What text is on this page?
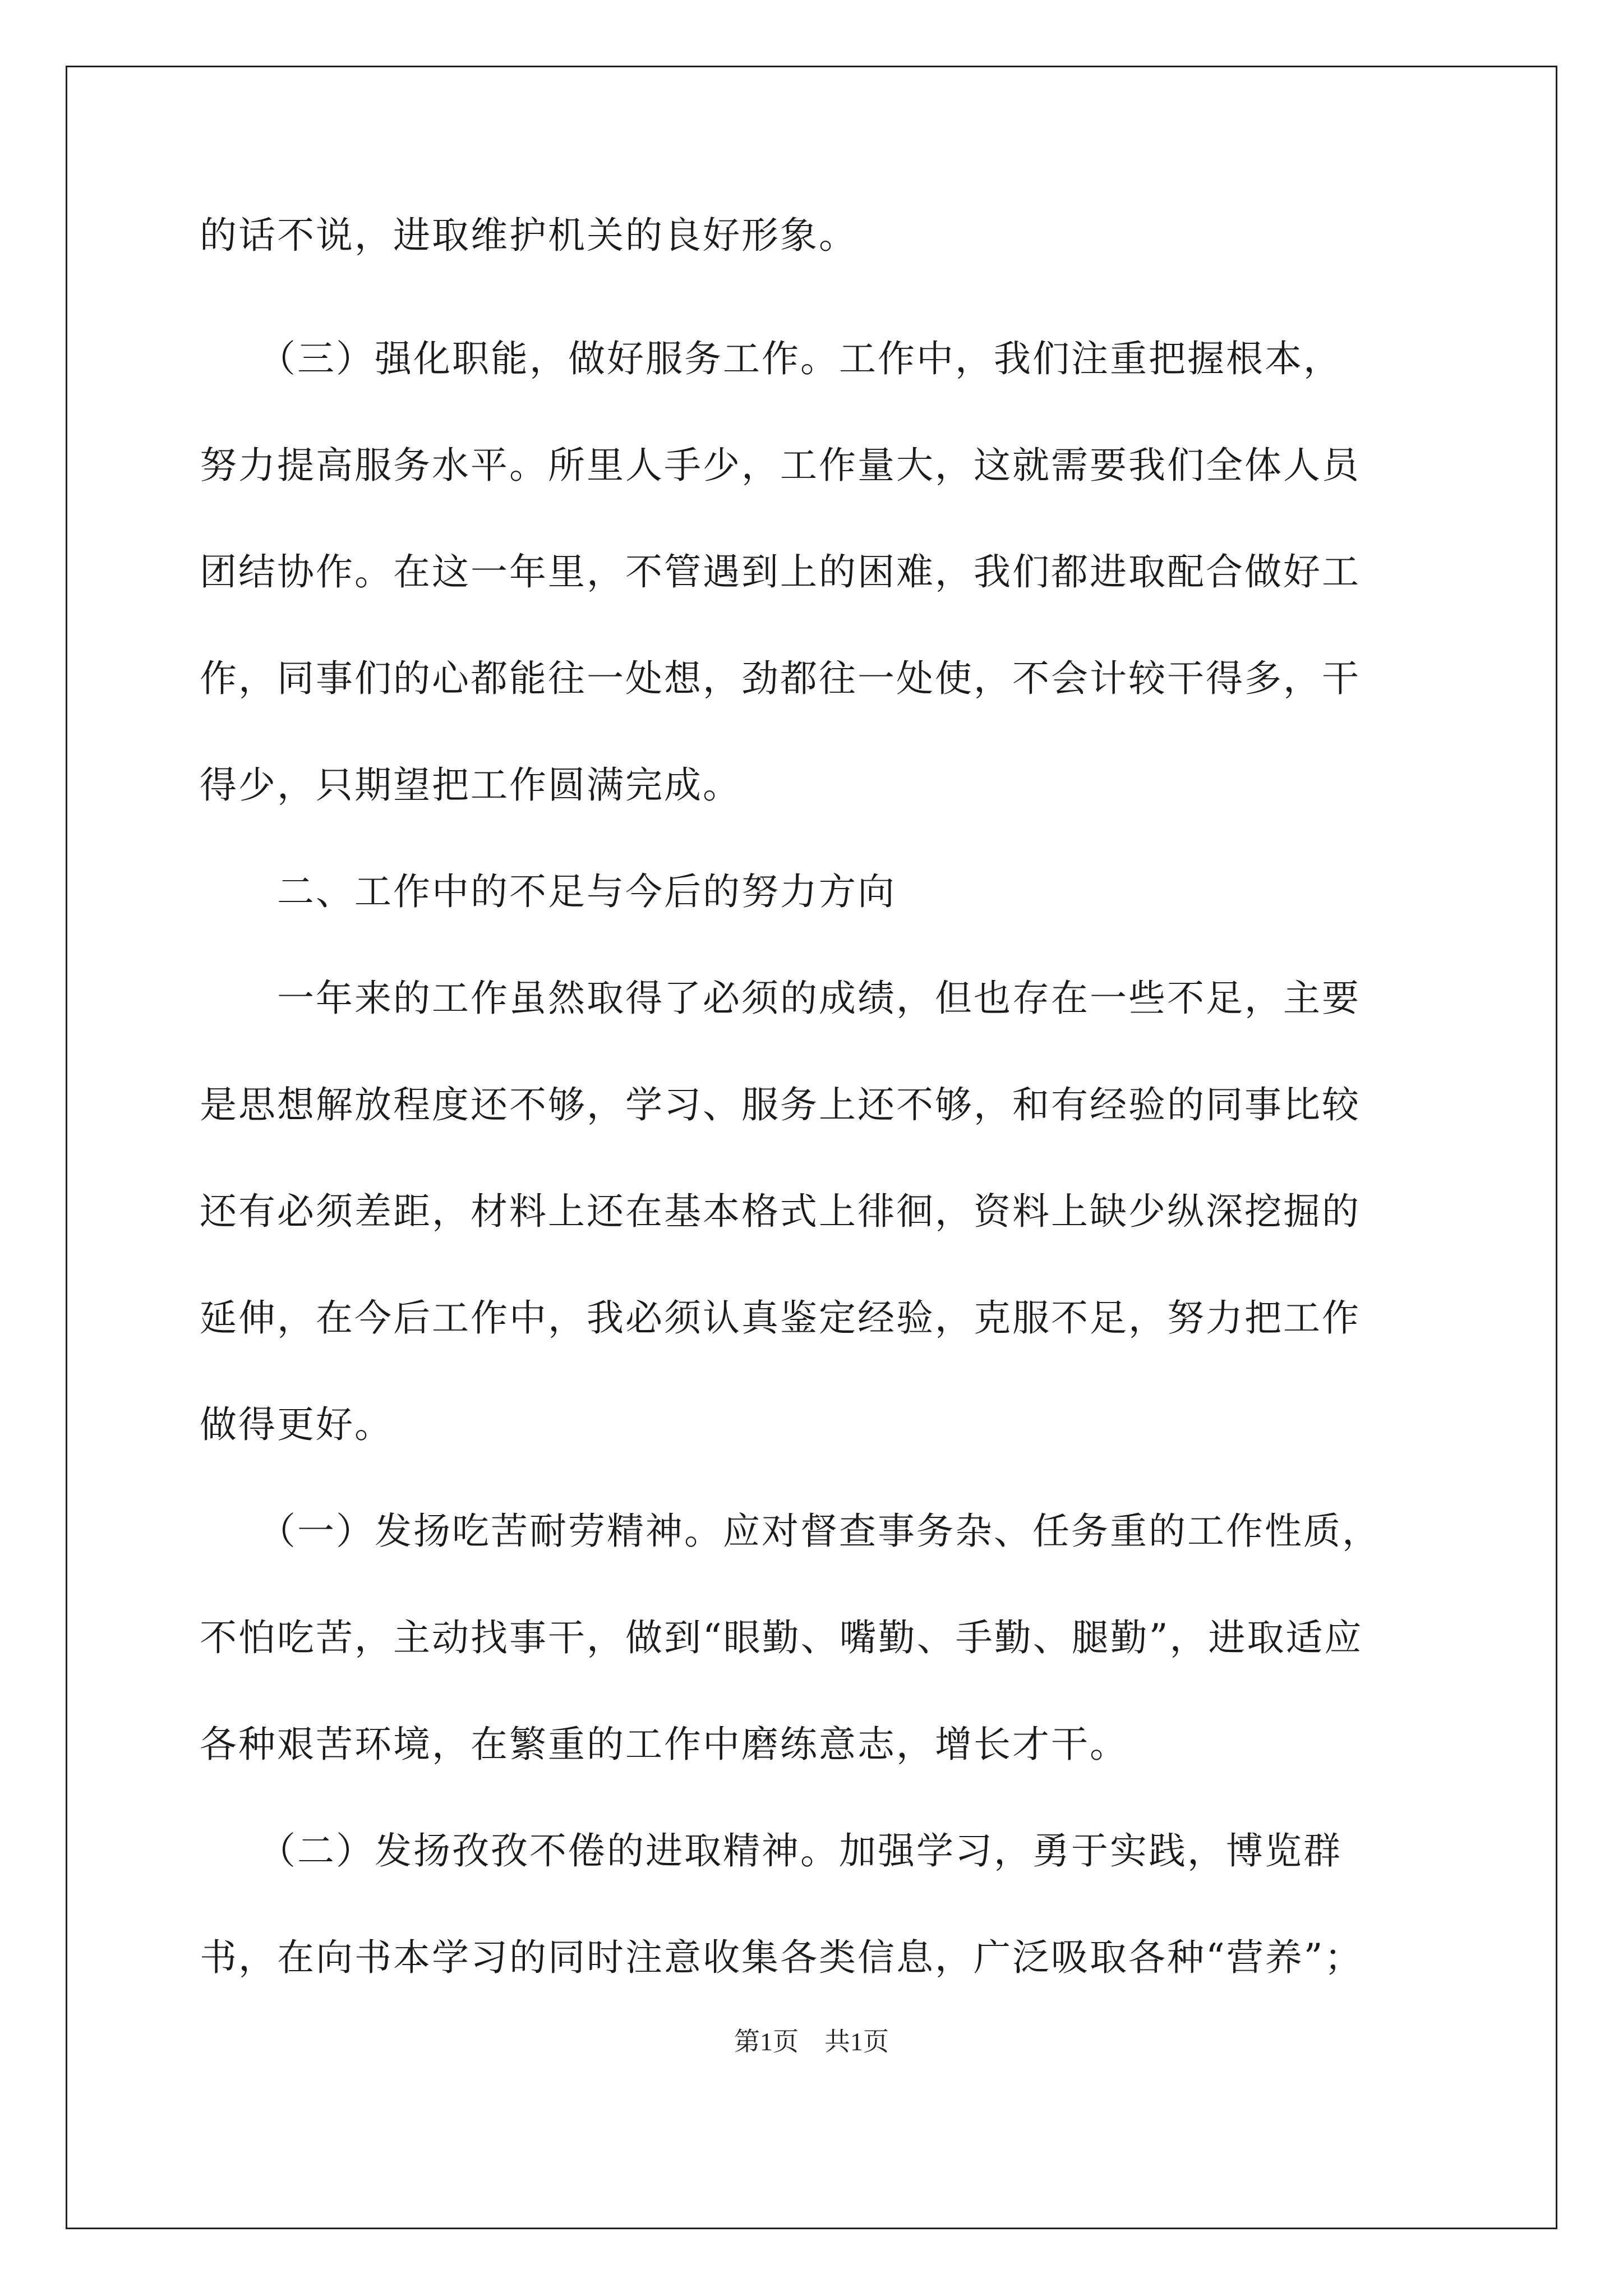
的话不说，进取维护机关的良好形象。
　　（三）强化职能，做好服务工作。工作中，我们注重把握根本，
努力提高服务水平。所里人手少，工作量大，这就需要我们全体人员
团结协作。在这一年里，不管遇到上的困难，我们都进取配合做好工
作，同事们的心都能往一处想，劲都往一处使，不会计较干得多，干
得少，只期望把工作圆满完成。
　　二、工作中的不足与今后的努力方向
　　一年来的工作虽然取得了必须的成绩，但也存在一些不足，主要
是思想解放程度还不够，学习、服务上还不够，和有经验的同事比较
还有必须差距，材料上还在基本格式上徘徊，资料上缺少纵深挖掘的
延伸，在今后工作中，我必须认真鉴定经验，克服不足，努力把工作
做得更好。
　　（一）发扬吃苦耐劳精神。应对督查事务杂、任务重的工作性质，
不怕吃苦，主动找事干，做到“眼勤、嘴勤、手勤、腿勤”，进取适应
各种艰苦环境，在繁重的工作中磨练意志，增长才干。
　　（二）发扬孜孜不倦的进取精神。加强学习，勇于实践，博览群
书，在向书本学习的同时注意收集各类信息，广泛吸取各种“营养”；
第1页 共1页
